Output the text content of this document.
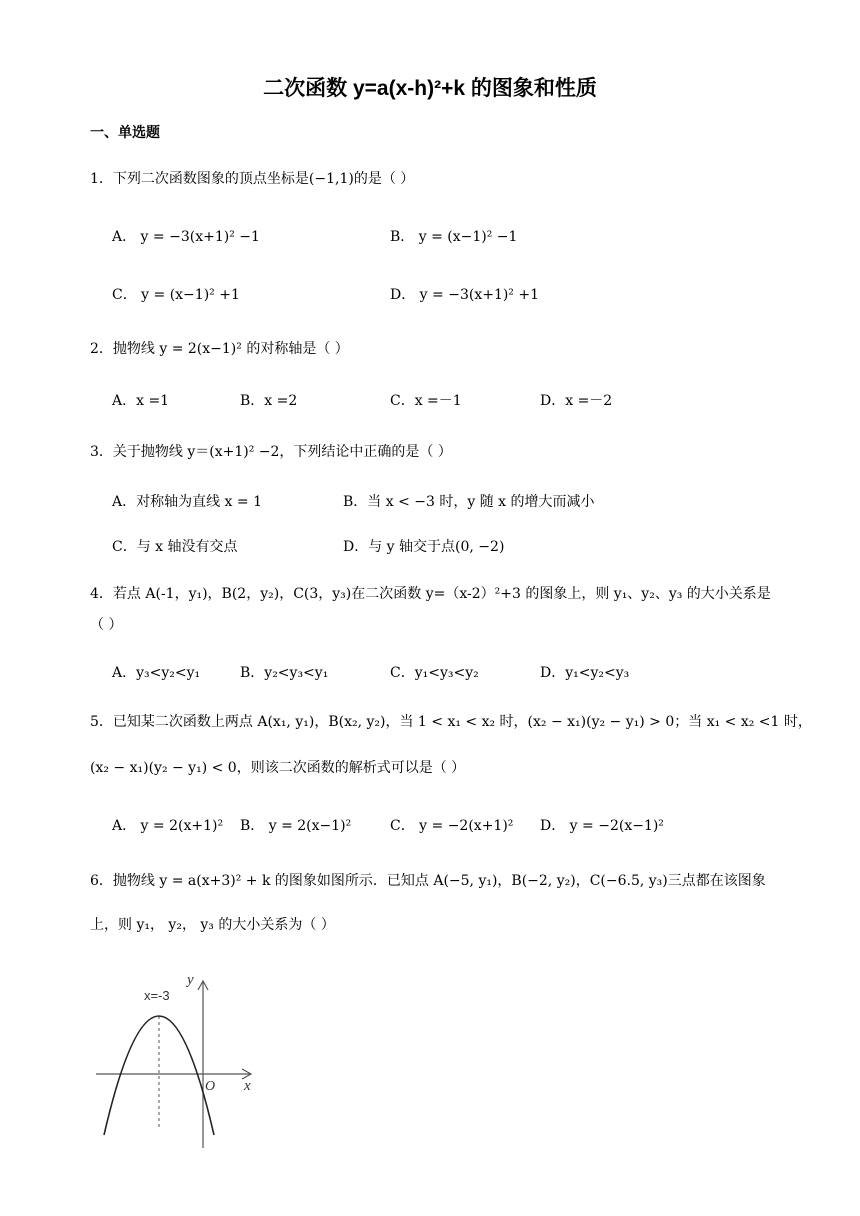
二次函数 y=a(x-h)²+k 的图象和性质
一、单选题
1．下列二次函数图象的顶点坐标是(−1,1)的是（ ）
A． y = −3(x+1)² −1	B． y = (x−1)² −1
C． y = (x−1)² +1	D． y = −3(x+1)² +1
2．抛物线 y = 2(x−1)² 的对称轴是（ ）
A．x =1	B．x =2	C．x =－1	D．x =－2
3．关于抛物线 y＝(x+1)² −2，下列结论中正确的是（ ）
A．对称轴为直线 x = 1	B．当 x < −3 时，y 随 x 的增大而减小
C．与 x 轴没有交点	D．与 y 轴交于点(0, −2)
4．若点 A(-1，y₁)，B(2，y₂)，C(3，y₃)在二次函数 y=（x-2）²+3 的图象上，则 y₁、y₂、y₃ 的大小关系是
（ ）
A．y₃<y₂<y₁	B．y₂<y₃<y₁	C．y₁<y₃<y₂	D．y₁<y₂<y₃
5．已知某二次函数上两点 A(x₁, y₁)，B(x₂, y₂)，当 1 < x₁ < x₂ 时，(x₂ − x₁)(y₂ − y₁) > 0；当 x₁ < x₂ <1 时，
(x₂ − x₁)(y₂ − y₁) < 0，则该二次函数的解析式可以是（ ）
A． y = 2(x+1)² B． y = 2(x−1)²	C． y = −2(x+1)² D． y = −2(x−1)²
6．抛物线 y = a(x+3)² + k 的图象如图所示．已知点 A(−5, y₁)，B(−2, y₂)，C(−6.5, y₃)三点都在该图象
上，则 y₁， y₂， y₃ 的大小关系为（ ）
x=-3
y
x
O
